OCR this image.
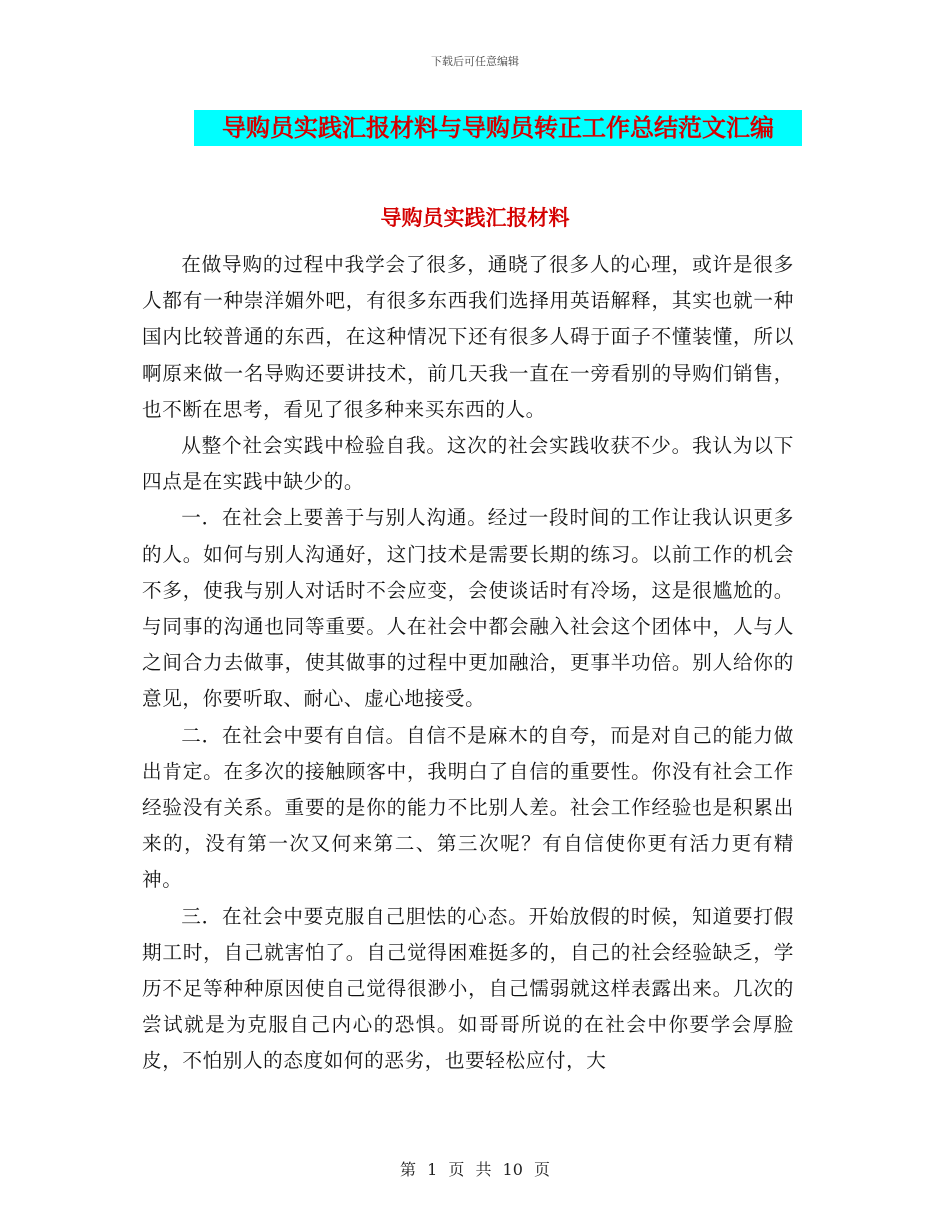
下载后可任意编辑
导购员实践汇报材料与导购员转正工作总结范文汇编
导购员实践汇报材料

在做导购的过程中我学会了很多，通晓了很多人的心理，或许是很多人都有一种崇洋媚外吧，有很多东西我们选择用英语解释，其实也就一种国内比较普通的东西，在这种情况下还有很多人碍于面子不懂装懂，所以啊原来做一名导购还要讲技术，前几天我一直在一旁看别的导购们销售，也不断在思考，看见了很多种来买东西的人。

从整个社会实践中检验自我。这次的社会实践收获不少。我认为以下四点是在实践中缺少的。

一．在社会上要善于与别人沟通。经过一段时间的工作让我认识更多的人。如何与别人沟通好，这门技术是需要长期的练习。以前工作的机会不多，使我与别人对话时不会应变，会使谈话时有冷场，这是很尴尬的。与同事的沟通也同等重要。人在社会中都会融入社会这个团体中，人与人之间合力去做事，使其做事的过程中更加融洽，更事半功倍。别人给你的意见，你要听取、耐心、虚心地接受。

二．在社会中要有自信。自信不是麻木的自夸，而是对自己的能力做出肯定。在多次的接触顾客中，我明白了自信的重要性。你没有社会工作经验没有关系。重要的是你的能力不比别人差。社会工作经验也是积累出来的，没有第一次又何来第二、第三次呢？有自信使你更有活力更有精神。

三．在社会中要克服自己胆怯的心态。开始放假的时候，知道要打假期工时，自己就害怕了。自己觉得困难挺多的，自己的社会经验缺乏，学历不足等种种原因使自己觉得很渺小，自己懦弱就这样表露出来。几次的尝试就是为克服自己内心的恐惧。如哥哥所说的在社会中你要学会厚脸皮，不怕别人的态度如何的恶劣，也要轻松应付，大

第 1 页 共 10 页
